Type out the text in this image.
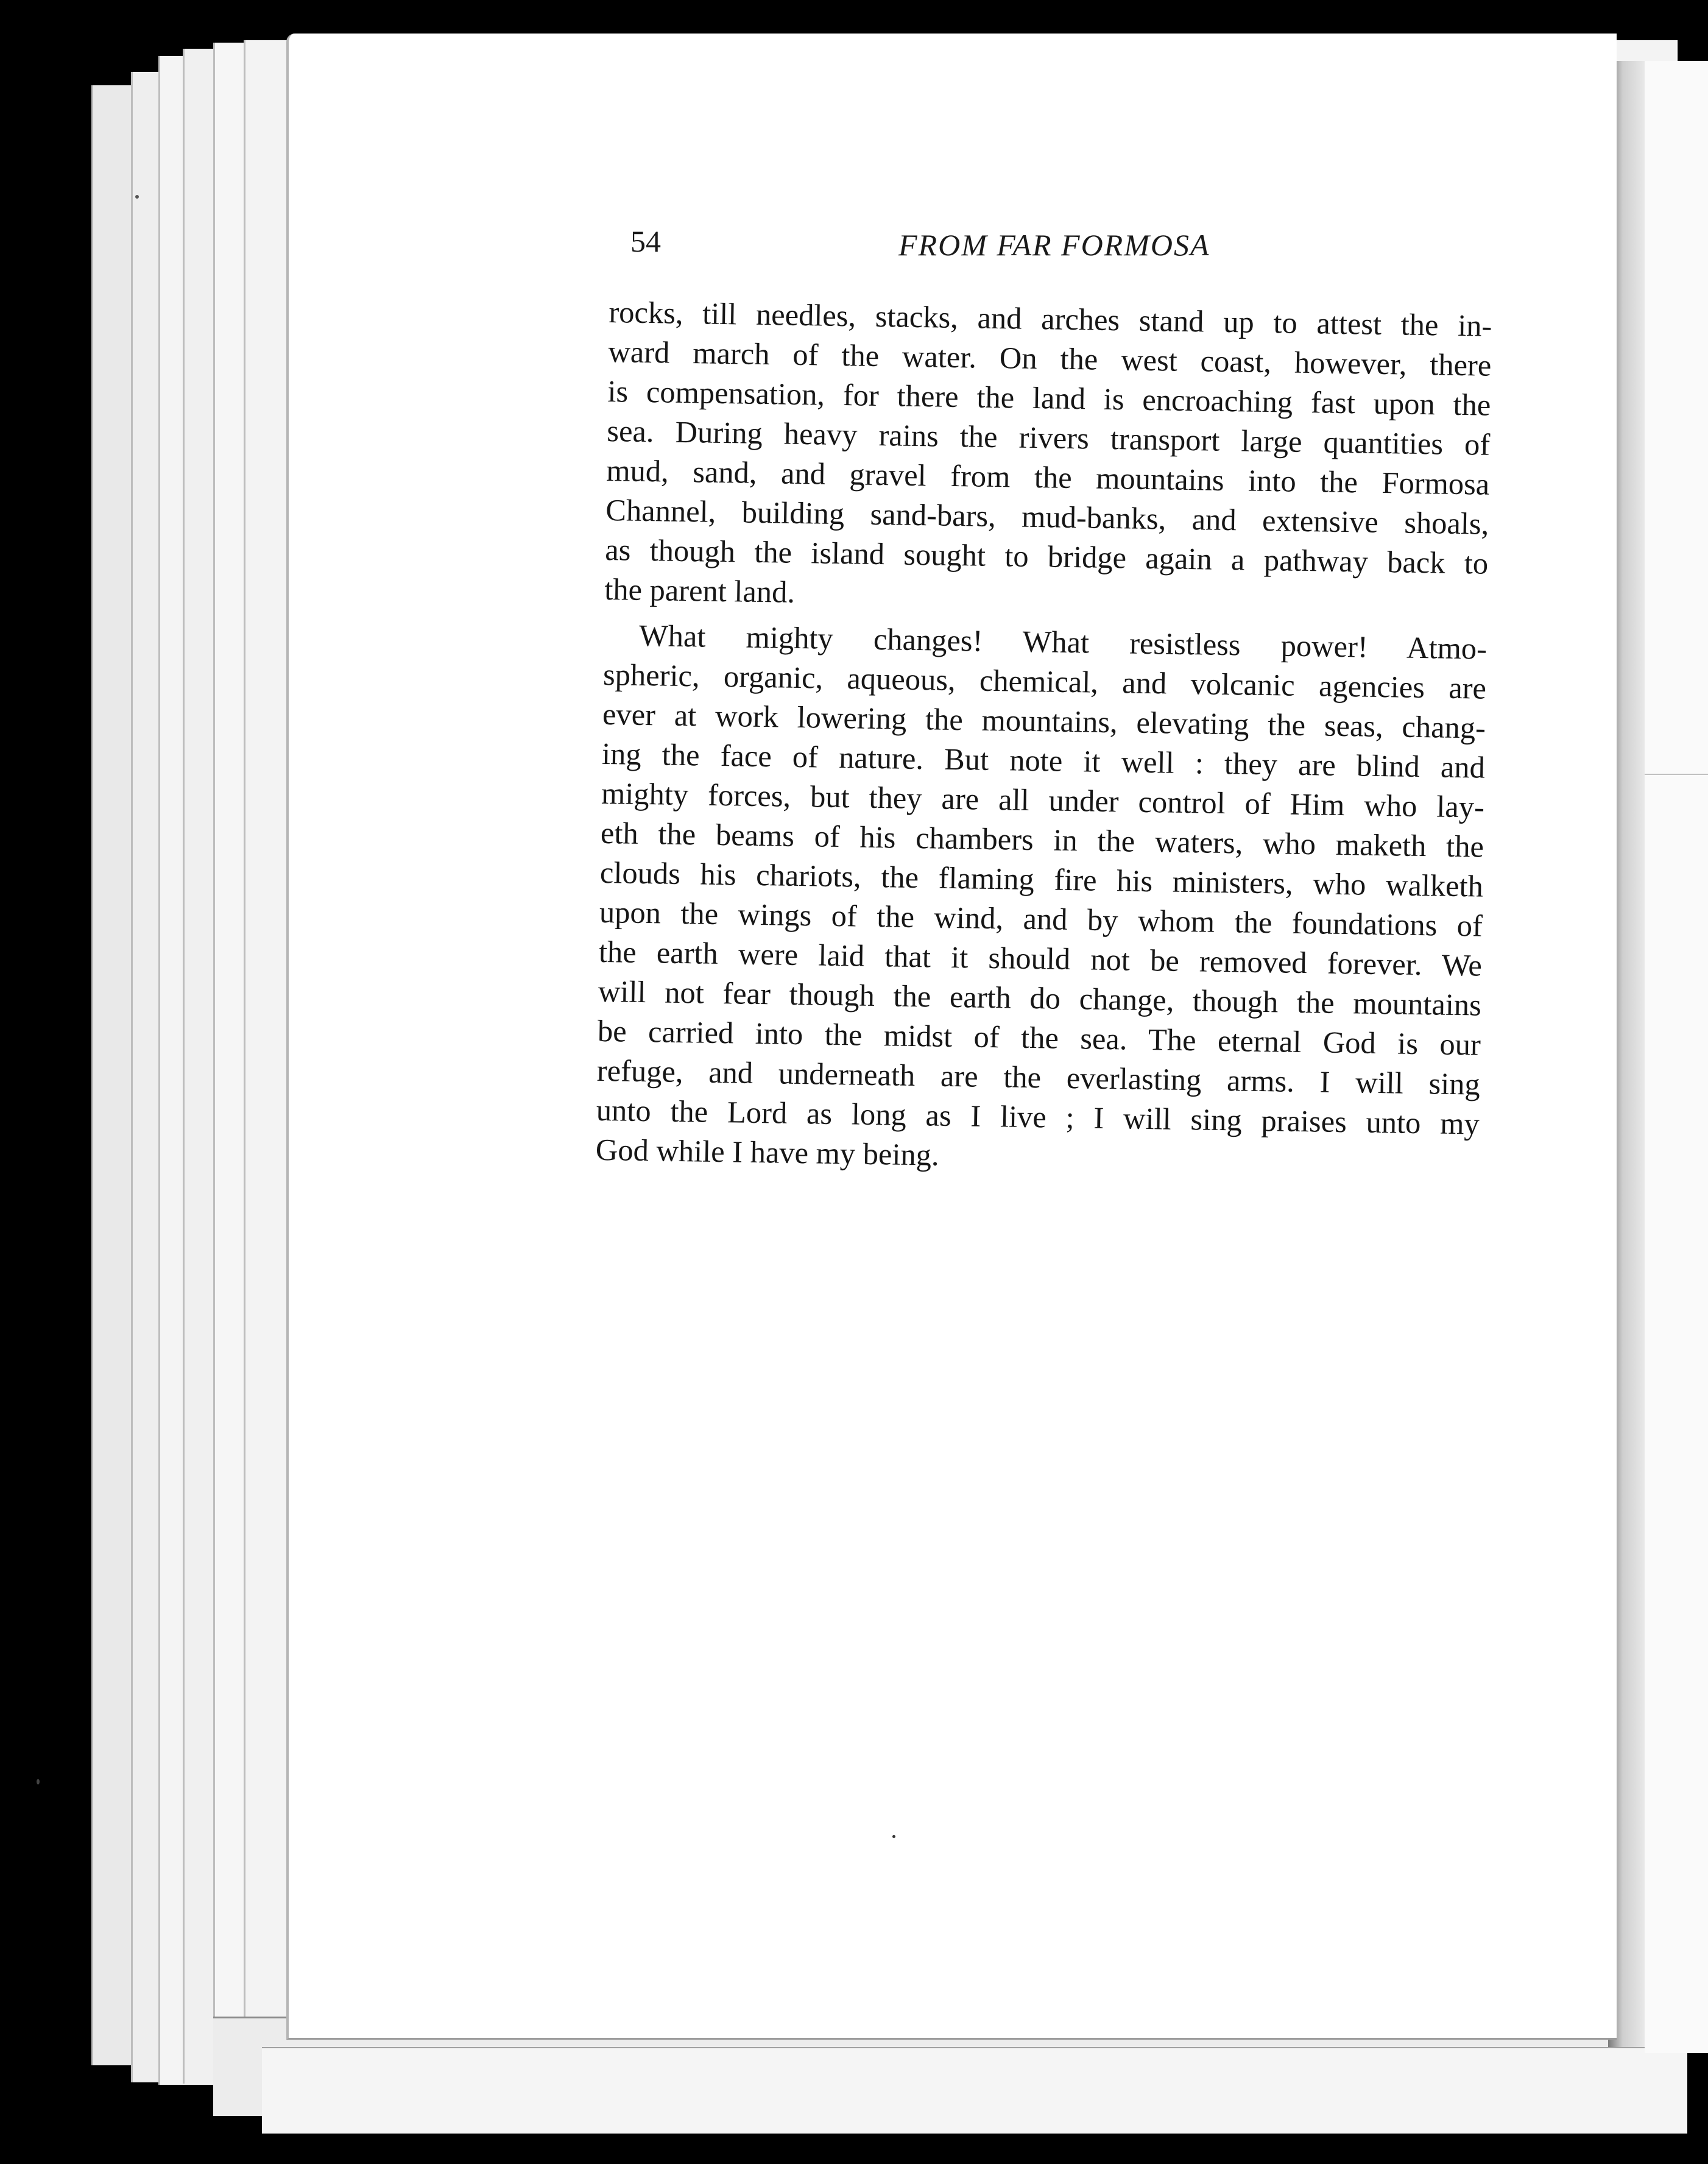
54	FROM FAR FORMOSA
rocks, till needles, stacks, and arches stand up to attest the in-
ward march of the water. On the west coast, however, there
is compensation, for there the land is encroaching fast upon the
sea. During heavy rains the rivers transport large quantities of
mud, sand, and gravel from the mountains into the Formosa
Channel, building sand-bars, mud-banks, and extensive shoals,
as though the island sought to bridge again a pathway back to
the parent land.
What mighty changes! What resistless power! Atmo-
spheric, organic, aqueous, chemical, and volcanic agencies are
ever at work lowering the mountains, elevating the seas, chang-
ing the face of nature. But note it well : they are blind and
mighty forces, but they are all under control of Him who lay-
eth the beams of his chambers in the waters, who maketh the
clouds his chariots, the flaming fire his ministers, who walketh
upon the wings of the wind, and by whom the foundations of
the earth were laid that it should not be removed forever. We
will not fear though the earth do change, though the mountains
be carried into the midst of the sea. The eternal God is our
refuge, and underneath are the everlasting arms. I will sing
unto the Lord as long as I live ; I will sing praises unto my
God while I have my being.
